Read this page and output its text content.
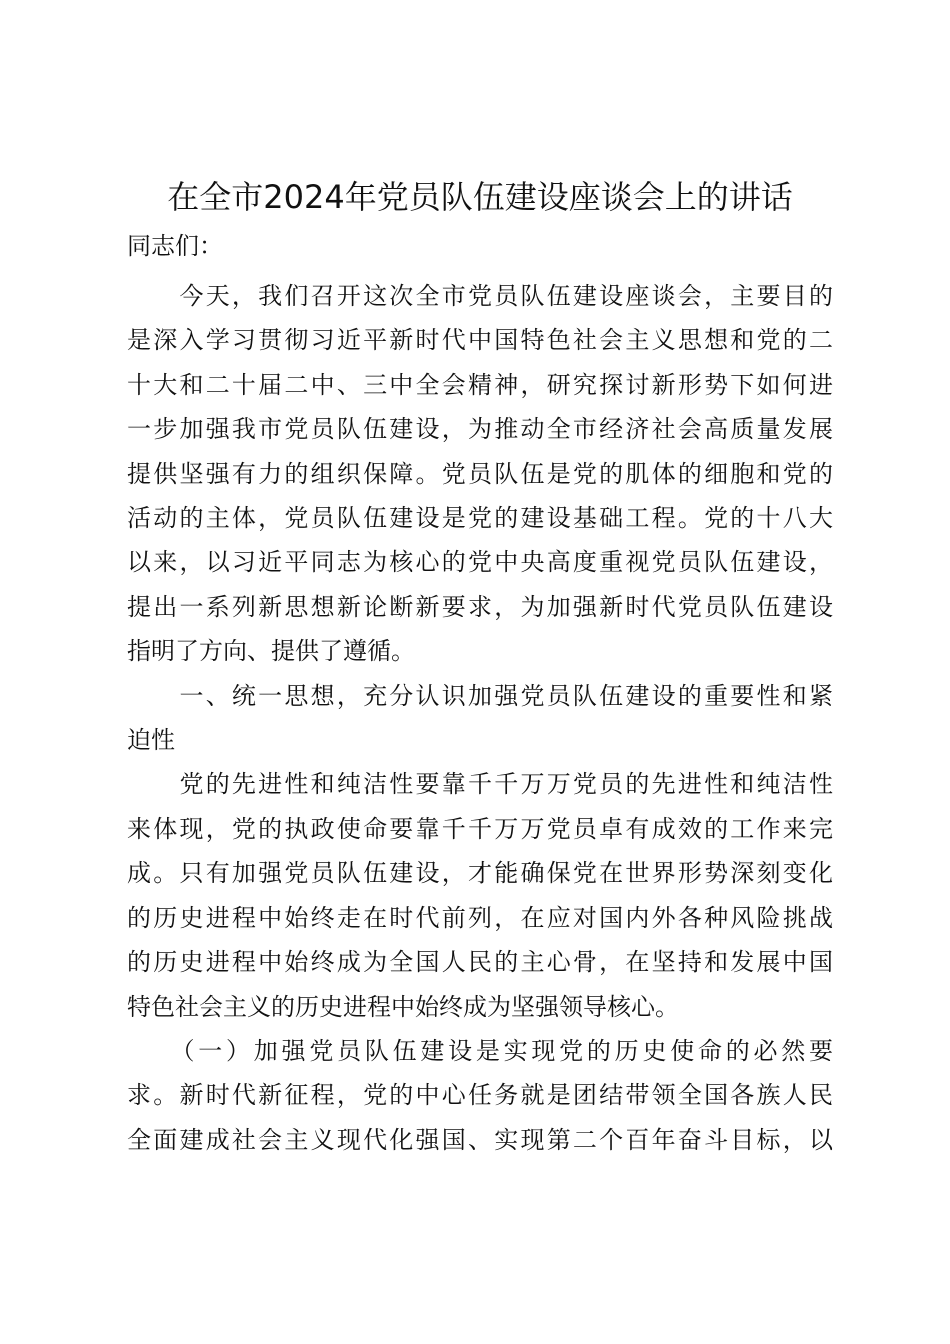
在全市2024年党员队伍建设座谈会上的讲话

同志们：

　　今天，我们召开这次全市党员队伍建设座谈会，主要目的
是深入学习贯彻习近平新时代中国特色社会主义思想和党的二
十大和二十届二中、三中全会精神，研究探讨新形势下如何进
一步加强我市党员队伍建设，为推动全市经济社会高质量发展
提供坚强有力的组织保障。党员队伍是党的肌体的细胞和党的
活动的主体，党员队伍建设是党的建设基础工程。党的十八大
以来，以习近平同志为核心的党中央高度重视党员队伍建设，
提出一系列新思想新论断新要求，为加强新时代党员队伍建设
指明了方向、提供了遵循。
　　一、统一思想，充分认识加强党员队伍建设的重要性和紧
迫性
　　党的先进性和纯洁性要靠千千万万党员的先进性和纯洁性
来体现，党的执政使命要靠千千万万党员卓有成效的工作来完
成。只有加强党员队伍建设，才能确保党在世界形势深刻变化
的历史进程中始终走在时代前列，在应对国内外各种风险挑战
的历史进程中始终成为全国人民的主心骨，在坚持和发展中国
特色社会主义的历史进程中始终成为坚强领导核心。
　　（一）加强党员队伍建设是实现党的历史使命的必然要
求。新时代新征程，党的中心任务就是团结带领全国各族人民
全面建成社会主义现代化强国、实现第二个百年奋斗目标，以
